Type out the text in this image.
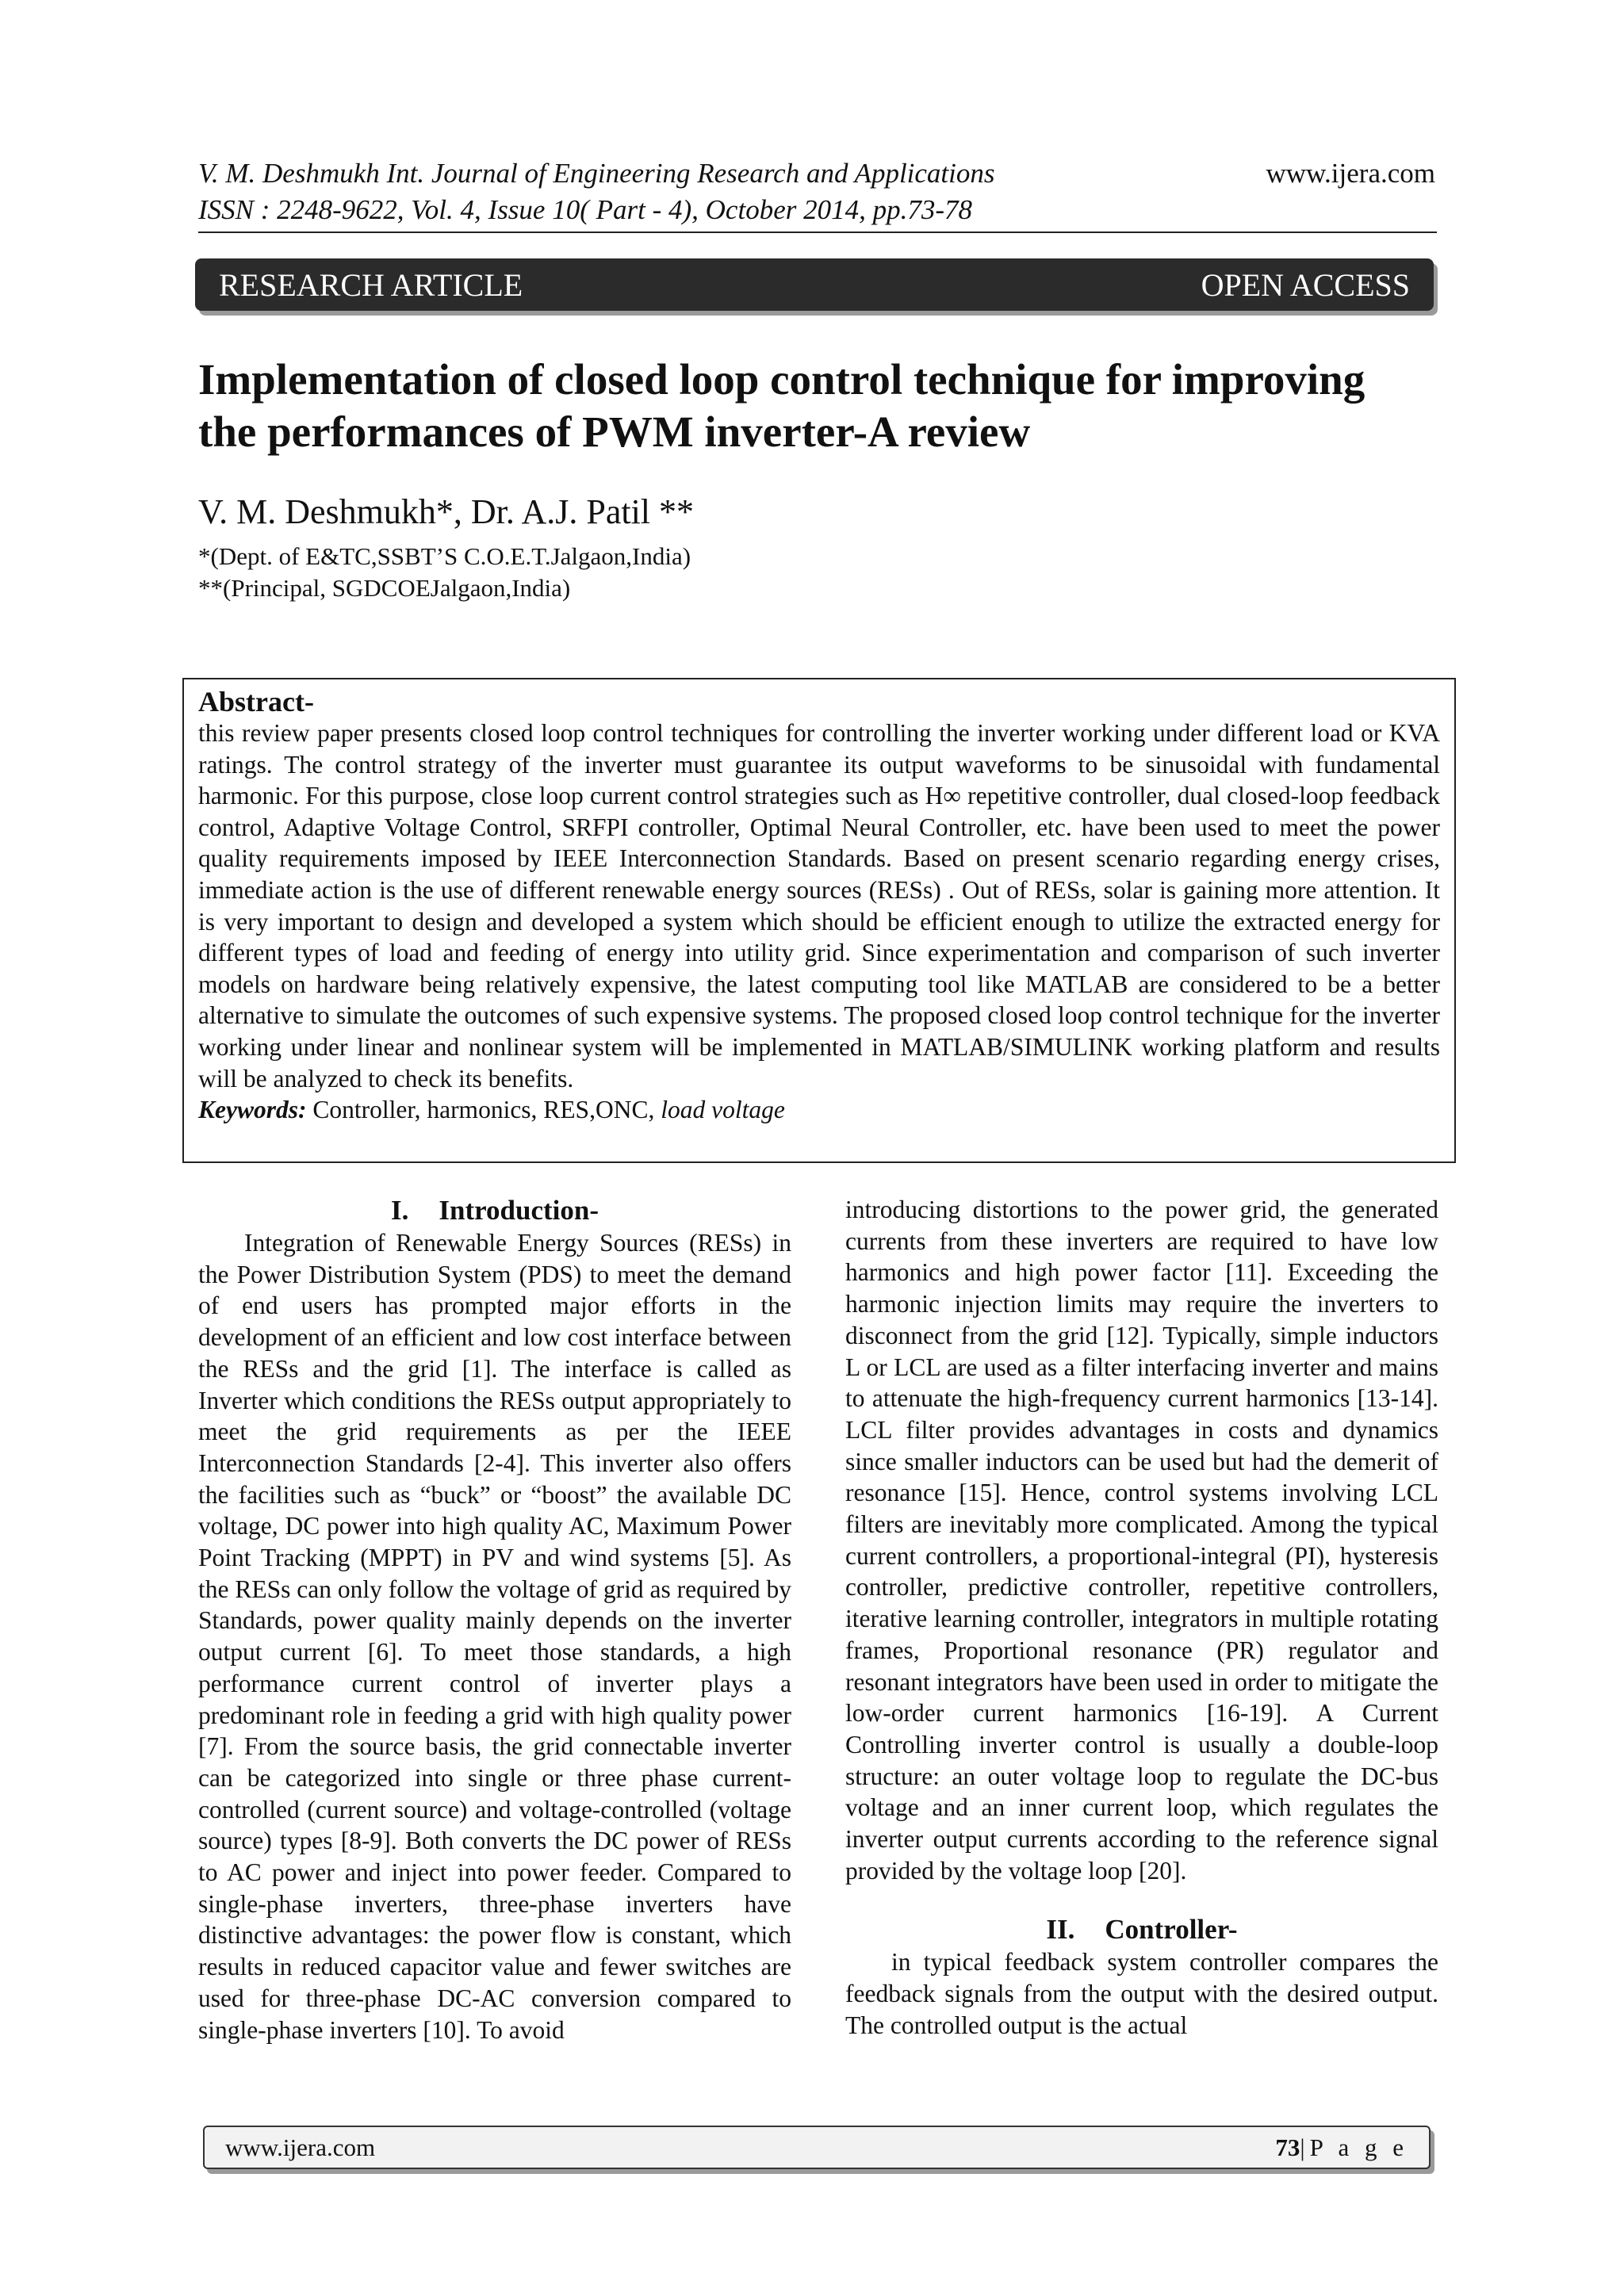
V. M. Deshmukh Int. Journal of Engineering Research and Applications	www.ijera.com
ISSN : 2248-9622, Vol. 4, Issue 10( Part - 4), October 2014, pp.73-78
RESEARCH ARTICLE	OPEN ACCESS
Implementation of closed loop control technique for improving
the performances of PWM inverter-A review
V. M. Deshmukh*, Dr. A.J. Patil **
*(Dept. of E&TC,SSBT’S C.O.E.T.Jalgaon,India)
**(Principal, SGDCOEJalgaon,India)
Abstract-
this review paper presents closed loop control techniques for controlling the inverter working under different load or KVA ratings. The control strategy of the inverter must guarantee its output waveforms to be sinusoidal with fundamental harmonic. For this purpose, close loop current control strategies such as H∞ repetitive controller, dual closed-loop feedback control, Adaptive Voltage Control, SRFPI controller, Optimal Neural Controller, etc. have been used to meet the power quality requirements imposed by IEEE Interconnection Standards. Based on present scenario regarding energy crises, immediate action is the use of different renewable energy sources (RESs) . Out of RESs, solar is gaining more attention. It is very important to design and developed a system which should be efficient enough to utilize the extracted energy for different types of load and feeding of energy into utility grid. Since experimentation and comparison of such inverter models on hardware being relatively expensive, the latest computing tool like MATLAB are considered to be a better alternative to simulate the outcomes of such expensive systems. The proposed closed loop control technique for the inverter working under linear and nonlinear system will be implemented in MATLAB/SIMULINK working platform and results will be analyzed to check its benefits.
Keywords: Controller, harmonics, RES,ONC, load voltage
I. Introduction-

Integration of Renewable Energy Sources (RESs) in the Power Distribution System (PDS) to meet the demand of end users has prompted major efforts in the development of an efficient and low cost interface between the RESs and the grid [1]. The interface is called as Inverter which conditions the RESs output appropriately to meet the grid requirements as per the IEEE Interconnection Standards [2-4]. This inverter also offers the facilities such as “buck” or “boost” the available DC voltage, DC power into high quality AC, Maximum Power Point Tracking (MPPT) in PV and wind systems [5]. As the RESs can only follow the voltage of grid as required by Standards, power quality mainly depends on the inverter output current [6]. To meet those standards, a high performance current control of inverter plays a predominant role in feeding a grid with high quality power [7]. From the source basis, the grid connectable inverter can be categorized into single or three phase current-controlled (current source) and voltage-controlled (voltage source) types [8-9]. Both converts the DC power of RESs to AC power and inject into power feeder. Compared to single-phase inverters, three-phase inverters have distinctive advantages: the power flow is constant, which results in reduced capacitor value and fewer switches are used for three-phase DC-AC conversion compared to single-phase inverters [10]. To avoid

introducing distortions to the power grid, the generated currents from these inverters are required to have low harmonics and high power factor [11]. Exceeding the harmonic injection limits may require the inverters to disconnect from the grid [12]. Typically, simple inductors L or LCL are used as a filter interfacing inverter and mains to attenuate the high-frequency current harmonics [13-14]. LCL filter provides advantages in costs and dynamics since smaller inductors can be used but had the demerit of resonance [15]. Hence, control systems involving LCL filters are inevitably more complicated. Among the typical current controllers, a proportional-integral (PI), hysteresis controller, predictive controller, repetitive controllers, iterative learning controller, integrators in multiple rotating frames, Proportional resonance (PR) regulator and resonant integrators have been used in order to mitigate the low-order current harmonics [16-19]. A Current Controlling inverter control is usually a double-loop structure: an outer voltage loop to regulate the DC-bus voltage and an inner current loop, which regulates the inverter output currents according to the reference signal provided by the voltage loop [20].

II. Controller-

in typical feedback system controller compares the feedback signals from the output with the desired output. The controlled output is the actual

www.ijera.com	73|P a g e
